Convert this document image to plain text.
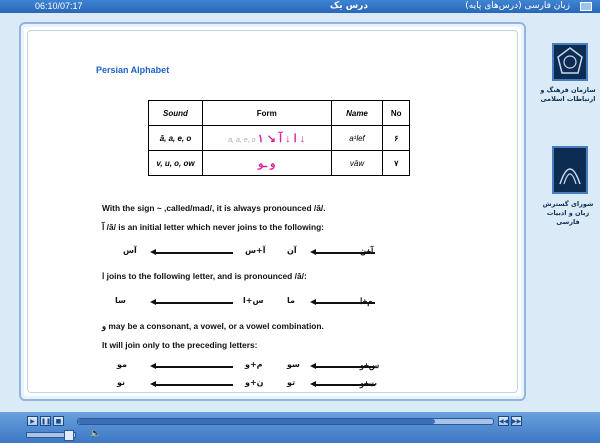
06:10/07:17	درس یک	زبان فارسی (درس‌های پایه)
Persian Alphabet
Sound	Form	Name	No
ā, a, e, o	a, a, e, o ا ↓ آ ↘ ۱ ↓	a¹lef	۶
v, u, o, ow	و ـو	vāw	۷
With the sign ~ ,called/mad/, it is always pronounced /ā/.
آ /ā/ is an initial letter which never joins to the following:
آس	آ+س	آن	آ+ن
ا joins to the following letter, and is pronounced /ā/:
سا	س+ا	ما	م+ا
و may be a consonant, a vowel, or a vowel combination.
It will join only to the preceding letters:
مو	م+و	سو	س+و
نو	ن+و	تو	ت+و
سازمان فرهنگ و ارتباطات اسلامی
شورای گسترش زبان و ادبیات فارسی
▶	❚❚ ■	◀◀ ▶▶
🔈
